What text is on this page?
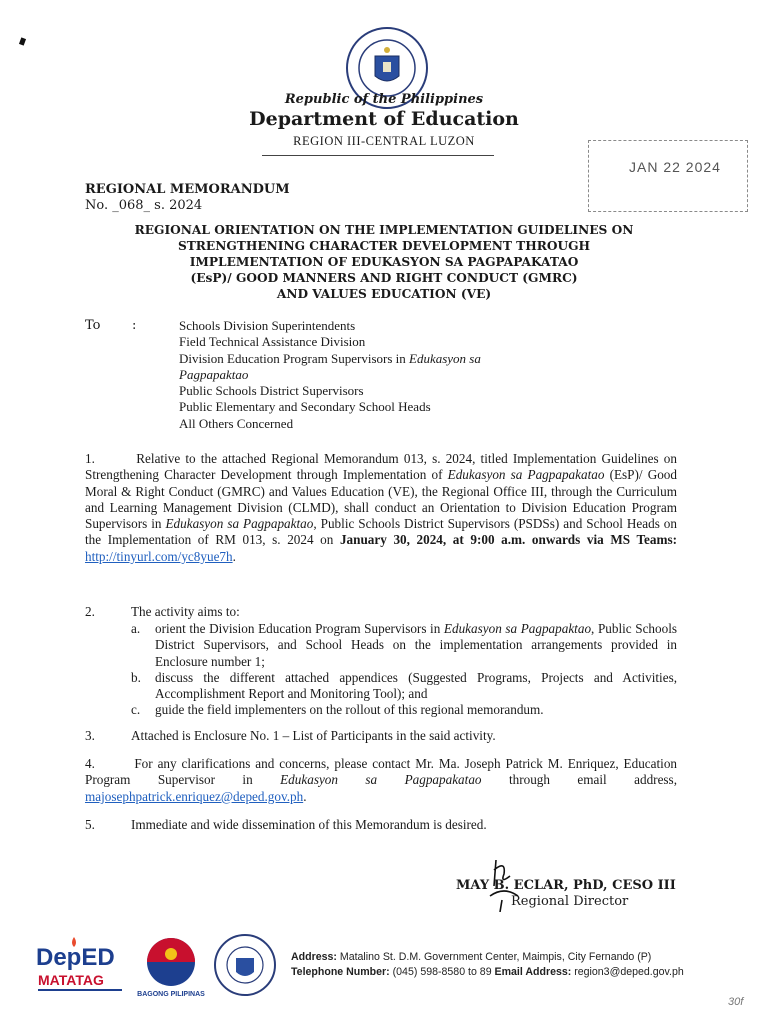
Republic of the Philippines
Department of Education
REGION III-CENTRAL LUZON
JAN 22 2024
REGIONAL MEMORANDUM
No. _068_ s. 2024
REGIONAL ORIENTATION ON THE IMPLEMENTATION GUIDELINES ON
STRENGTHENING CHARACTER DEVELOPMENT THROUGH
IMPLEMENTATION OF EDUKASYON SA PAGPAPAKATAO
(EsP)/ GOOD MANNERS AND RIGHT CONDUCT (GMRC)
AND VALUES EDUCATION (VE)
To :	Schools Division Superintendents
Field Technical Assistance Division
Division Education Program Supervisors in Edukasyon sa
Pagpapaktao
Public Schools District Supervisors
Public Elementary and Secondary School Heads
All Others Concerned
1.	Relative to the attached Regional Memorandum 013, s. 2024, titled Implementation Guidelines on Strengthening Character Development through Implementation of Edukasyon sa Pagpapakatao (EsP)/ Good Moral & Right Conduct (GMRC) and Values Education (VE), the Regional Office III, through the Curriculum and Learning Management Division (CLMD), shall conduct an Orientation to Division Education Program Supervisors in Edukasyon sa Pagpapaktao, Public Schools District Supervisors (PSDSs) and School Heads on the Implementation of RM 013, s. 2024 on January 30, 2024, at 9:00 a.m. onwards via MS Teams: http://tinyurl.com/yc8yue7h.
2.	The activity aims to:
a. orient the Division Education Program Supervisors in Edukasyon sa Pagpapaktao, Public Schools District Supervisors, and School Heads on the implementation arrangements provided in Enclosure number 1;
b. discuss the different attached appendices (Suggested Programs, Projects and Activities, Accomplishment Report and Monitoring Tool); and
c. guide the field implementers on the rollout of this regional memorandum.
3.	Attached is Enclosure No. 1 – List of Participants in the said activity.
4.	For any clarifications and concerns, please contact Mr. Ma. Joseph Patrick M. Enriquez, Education Program Supervisor in Edukasyon sa Pagpapakatao through email address, majosephpatrick.enriquez@deped.gov.ph.
5.	Immediate and wide dissemination of this Memorandum is desired.
MAY B. ECLAR, PhD, CESO III
Regional Director
DepED
MATATAG
BAGONG PILIPINAS
Address: Matalino St. D.M. Government Center, Maimpis, City Fernando (P)
Telephone Number: (045) 598-8580 to 89 Email Address: region3@deped.gov.ph
30f
